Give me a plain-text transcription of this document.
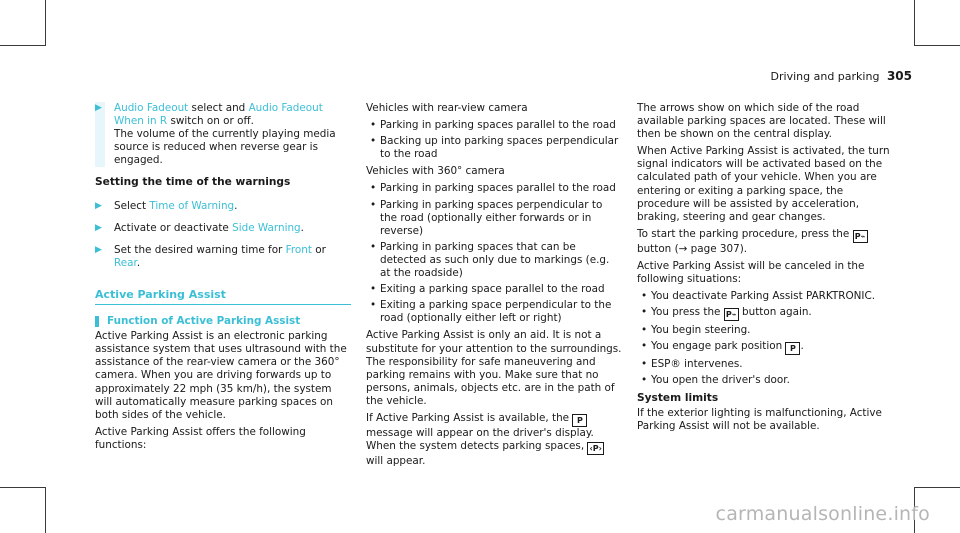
Driving and parking 305
▶ Audio Fadeout select and Audio Fadeout When in R switch on or off.
The volume of the currently playing media source is reduced when reverse gear is engaged.
Setting the time of the warnings
▶ Select Time of Warning.
▶ Activate or deactivate Side Warning.
▶ Set the desired warning time for Front or Rear.
Active Parking Assist
Function of Active Parking Assist

Active Parking Assist is an electronic parking assistance system that uses ultrasound with the assistance of the rear-view camera or the 360° camera. When you are driving forwards up to approximately 22 mph (35 km/h), the system will automatically measure parking spaces on both sides of the vehicle.

Active Parking Assist offers the following functions:

Vehicles with rear-view camera

• Parking in parking spaces parallel to the road
• Backing up into parking spaces perpendicular to the road

Vehicles with 360° camera

• Parking in parking spaces parallel to the road
• Parking in parking spaces perpendicular to the road (optionally either forwards or in reverse)
• Parking in parking spaces that can be detected as such only due to markings (e.g. at the roadside)
• Exiting a parking space parallel to the road
• Exiting a parking space perpendicular to the road (optionally either left or right)

Active Parking Assist is only an aid. It is not a substitute for your attention to the surroundings. The responsibility for safe maneuvering and parking remains with you. Make sure that no persons, animals, objects etc. are in the path of the vehicle.

If Active Parking Assist is available, the P message will appear on the driver's display. When the system detects parking spaces, ‹P› will appear.

The arrows show on which side of the road available parking spaces are located. These will then be shown on the central display.

When Active Parking Assist is activated, the turn signal indicators will be activated based on the calculated path of your vehicle. When you are entering or exiting a parking space, the procedure will be assisted by acceleration, braking, steering and gear changes.

To start the parking procedure, press the P⌁ button (→ page 307).

Active Parking Assist will be canceled in the following situations:

• You deactivate Parking Assist PARKTRONIC.
• You press the P⌁ button again.
• You begin steering.
• You engage park position P .
• ESP® intervenes.
• You open the driver's door.
System limits

If the exterior lighting is malfunctioning, Active Parking Assist will not be available.

carmanualsonline.info
